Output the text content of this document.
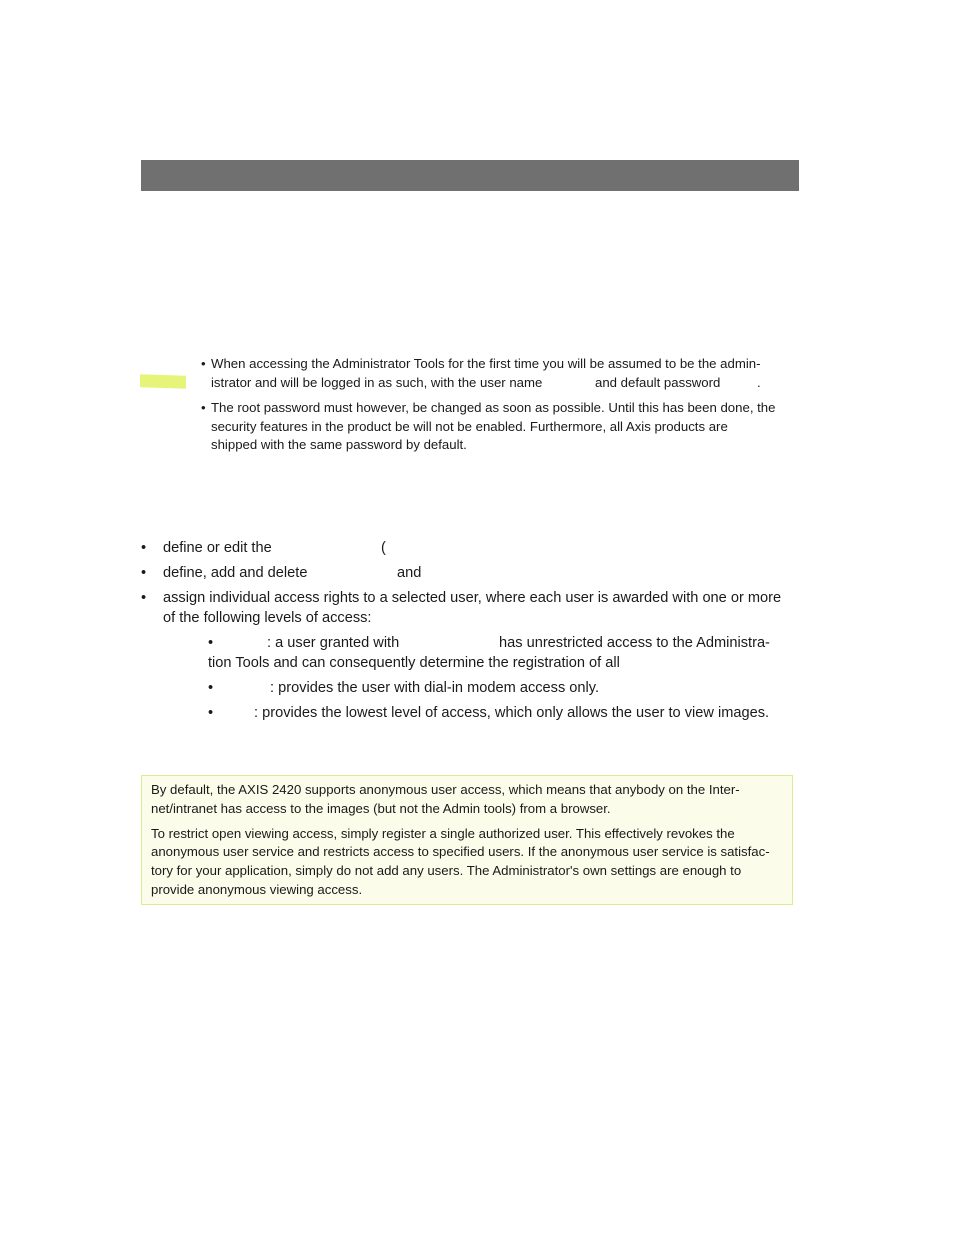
• When accessing the Administrator Tools for the first time you will be assumed to be the admin-
istrator and will be logged in as such, with the user name	and default password	.
• The root password must however, be changed as soon as possible. Until this has been done, the
security features in the product be will not be enabled. Furthermore, all Axis products are
shipped with the same password by default.
• define or edit the	(
• define, add and delete	and
• assign individual access rights to a selected user, where each user is awarded with one or more
of the following levels of access:
•	: a user granted with	has unrestricted access to the Administra-
tion Tools and can consequently determine the registration of all
•	: provides the user with dial-in modem access only.
•	: provides the lowest level of access, which only allows the user to view images.
By default, the AXIS 2420 supports anonymous user access, which means that anybody on the Inter-
net/intranet has access to the images (but not the Admin tools) from a browser.
To restrict open viewing access, simply register a single authorized user. This effectively revokes the
anonymous user service and restricts access to specified users. If the anonymous user service is satisfac-
tory for your application, simply do not add any users. The Administrator's own settings are enough to
provide anonymous viewing access.
